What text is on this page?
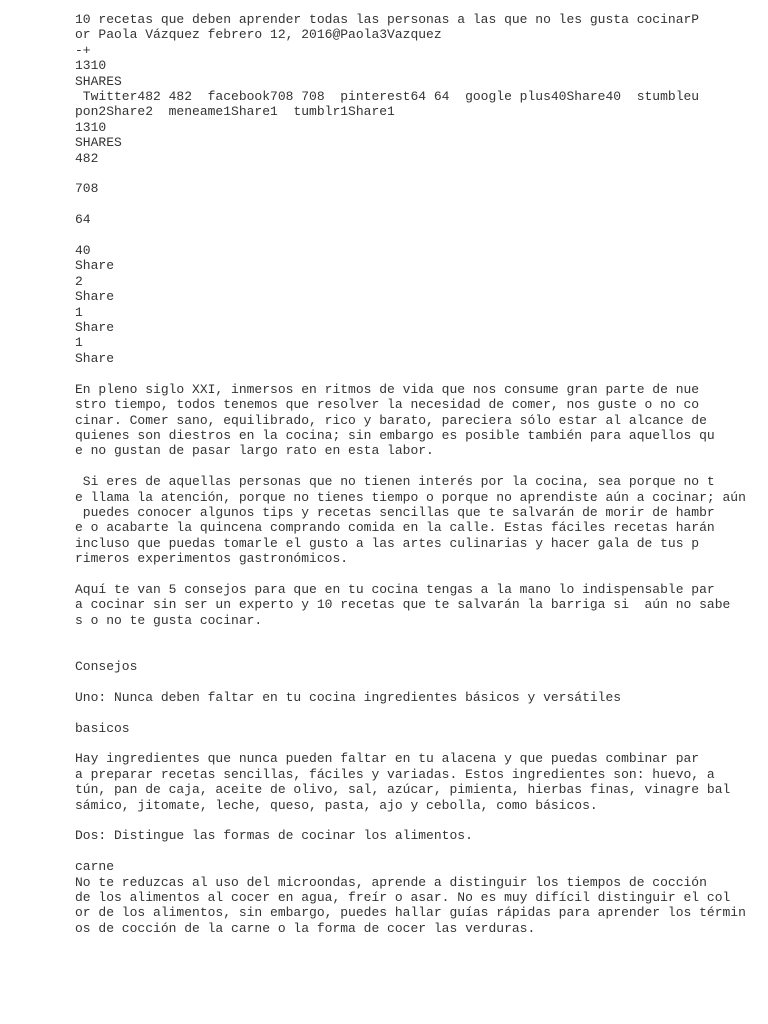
10 recetas que deben aprender todas las personas a las que no les gusta cocinarP
or Paola Vázquez febrero 12, 2016@Paola3Vazquez
-+
1310
SHARES
Twitter482 482  facebook708 708  pinterest64 64  google plus40Share40  stumbleu
pon2Share2  meneame1Share1  tumblr1Share1
1310
SHARES
482
708
64
40
Share
2
Share
1
Share
1
Share
En pleno siglo XXI, inmersos en ritmos de vida que nos consume gran parte de nue
stro tiempo, todos tenemos que resolver la necesidad de comer, nos guste o no co
cinar. Comer sano, equilibrado, rico y barato, pareciera sólo estar al alcance de
quienes son diestros en la cocina; sin embargo es posible también para aquellos qu
e no gustan de pasar largo rato en esta labor.
Si eres de aquellas personas que no tienen interés por la cocina, sea porque no t
e llama la atención, porque no tienes tiempo o porque no aprendiste aún a cocinar; aún
puedes conocer algunos tips y recetas sencillas que te salvarán de morir de hambr
e o acabarte la quincena comprando comida en la calle. Estas fáciles recetas harán
incluso que puedas tomarle el gusto a las artes culinarias y hacer gala de tus p
rimeros experimentos gastronómicos.
Aquí te van 5 consejos para que en tu cocina tengas a la mano lo indispensable par
a cocinar sin ser un experto y 10 recetas que te salvarán la barriga si  aún no sabe
s o no te gusta cocinar.
Consejos
Uno: Nunca deben faltar en tu cocina ingredientes básicos y versátiles
basicos
Hay ingredientes que nunca pueden faltar en tu alacena y que puedas combinar par
a preparar recetas sencillas, fáciles y variadas. Estos ingredientes son: huevo, a
tún, pan de caja, aceite de olivo, sal, azúcar, pimienta, hierbas finas, vinagre bal
sámico, jitomate, leche, queso, pasta, ajo y cebolla, como básicos.
Dos: Distingue las formas de cocinar los alimentos.
carne
No te reduzcas al uso del microondas, aprende a distinguir los tiempos de cocción
de los alimentos al cocer en agua, freír o asar. No es muy difícil distinguir el col
or de los alimentos, sin embargo, puedes hallar guías rápidas para aprender los términ
os de cocción de la carne o la forma de cocer las verduras.
